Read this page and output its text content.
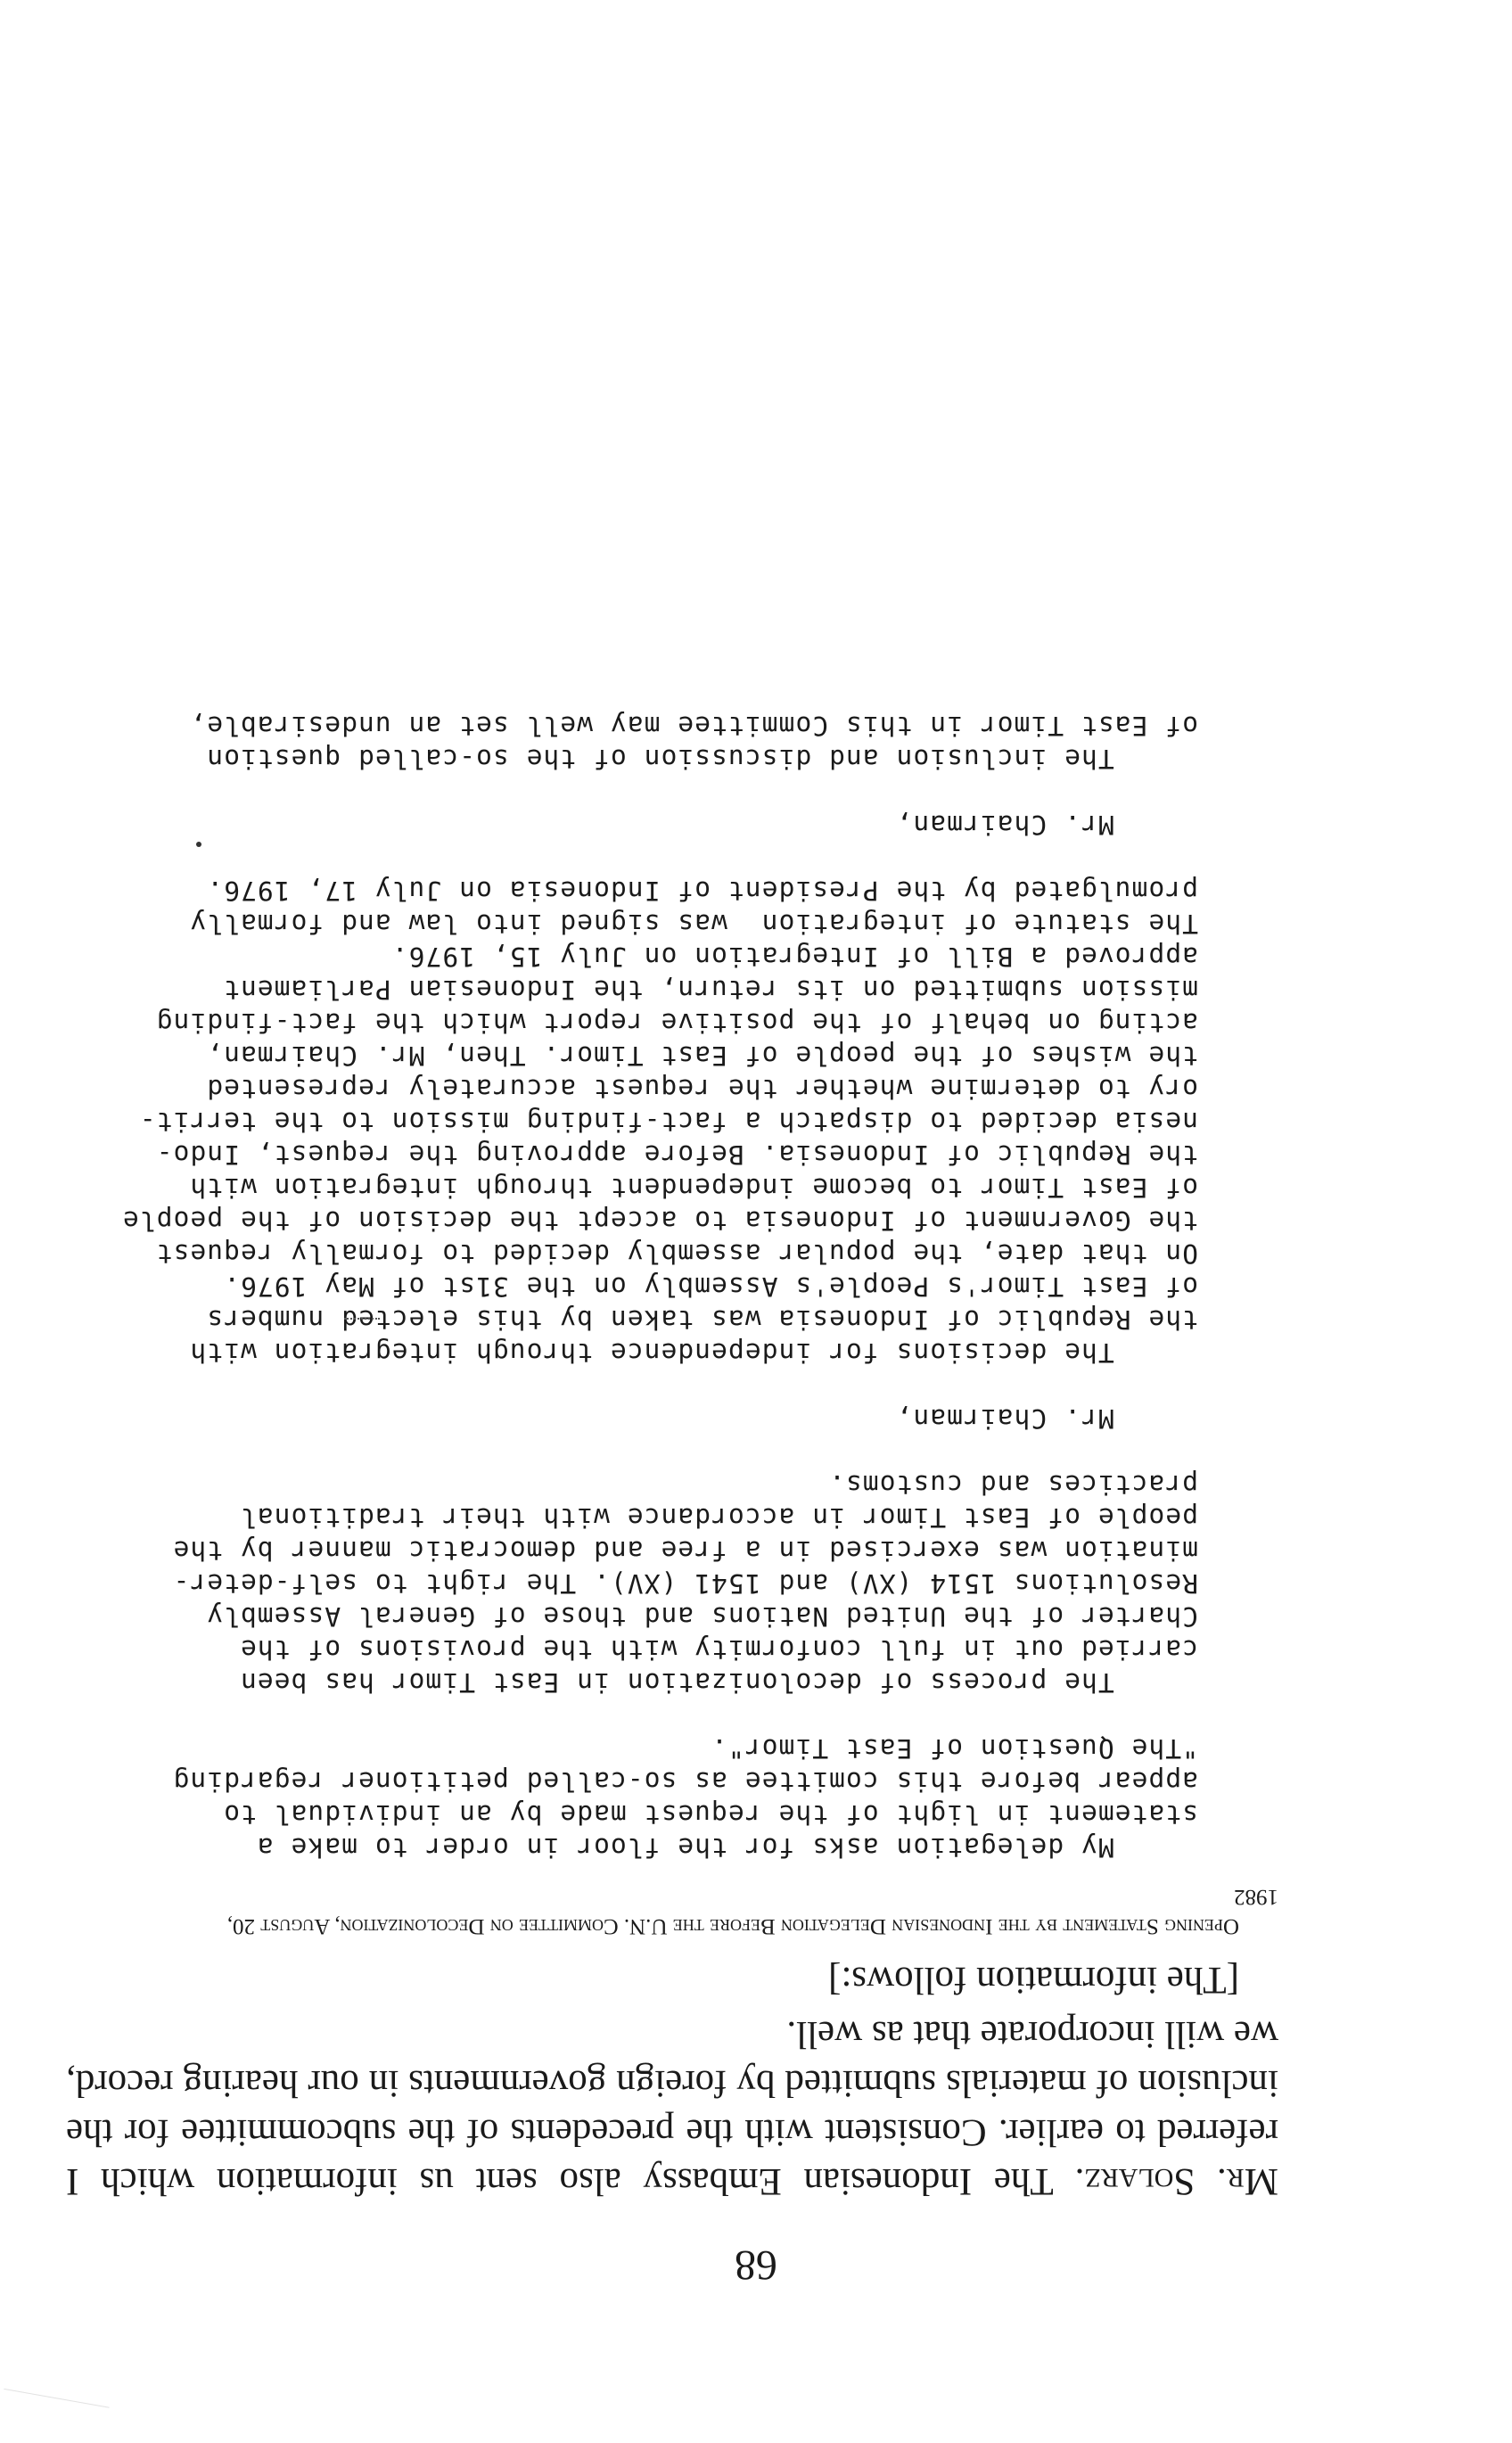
68

Mr. Solarz. The Indonesian Embassy also sent us information which I referred to earlier. Consistent with the precedents of the subcommittee for the inclusion of materials submitted by foreign governments in our hearing record, we will incorporate that as well.

[The information follows:]

Opening Statement by the Indonesian Delegation Before the U.N. Committee on Decolonization, August 20, 1982
My delegation asks for the floor in order to make a
statement in light of the request made by an individual to
appear before this comittee as so-called petitioner regarding
"The Question of East Timor".
The process of decolonization in East Timor has been
carried out in full conformity with the provisions of the
Charter of the United Nations and those of General Assembly
Resolutions 1514 (XV) and 1541 (XV). The right to self-deter-
mination was exercised in a free and democratic manner by the
people of East Timor in accordance with their traditional
practices and customs.
Mr. Chairman,
The decisions for independence through integration with
the Republic of Indonesia was taken by this elected numbers
of East Timor's People's Assembly on the 31st of May 1976.
On that date, the popular assembly decided to formally request
the Government of Indonesia to accept the decision of the people
of East Timor to become independent through integration with
the Republic of Indonesia. Before approving the request, Indo-
nesia decided to dispatch a fact-finding mission to the territ-
ory to determine whether the request accurately represented
the wishes of the people of East Timor. Then, Mr. Chairman,
acting on behalf of the positive report which the fact-finding
mission submitted on its return, the Indonesian Parliament
approved a Bill of Integration on July 15, 1976.
The statute of integration  was signed into law and formally
promulgated by the President of Indonesia on July 17, 1976.
Mr. Chairman,
The inclusion and discussion of the so-called question
of East Timor in this Committee may well set an undesirable,
